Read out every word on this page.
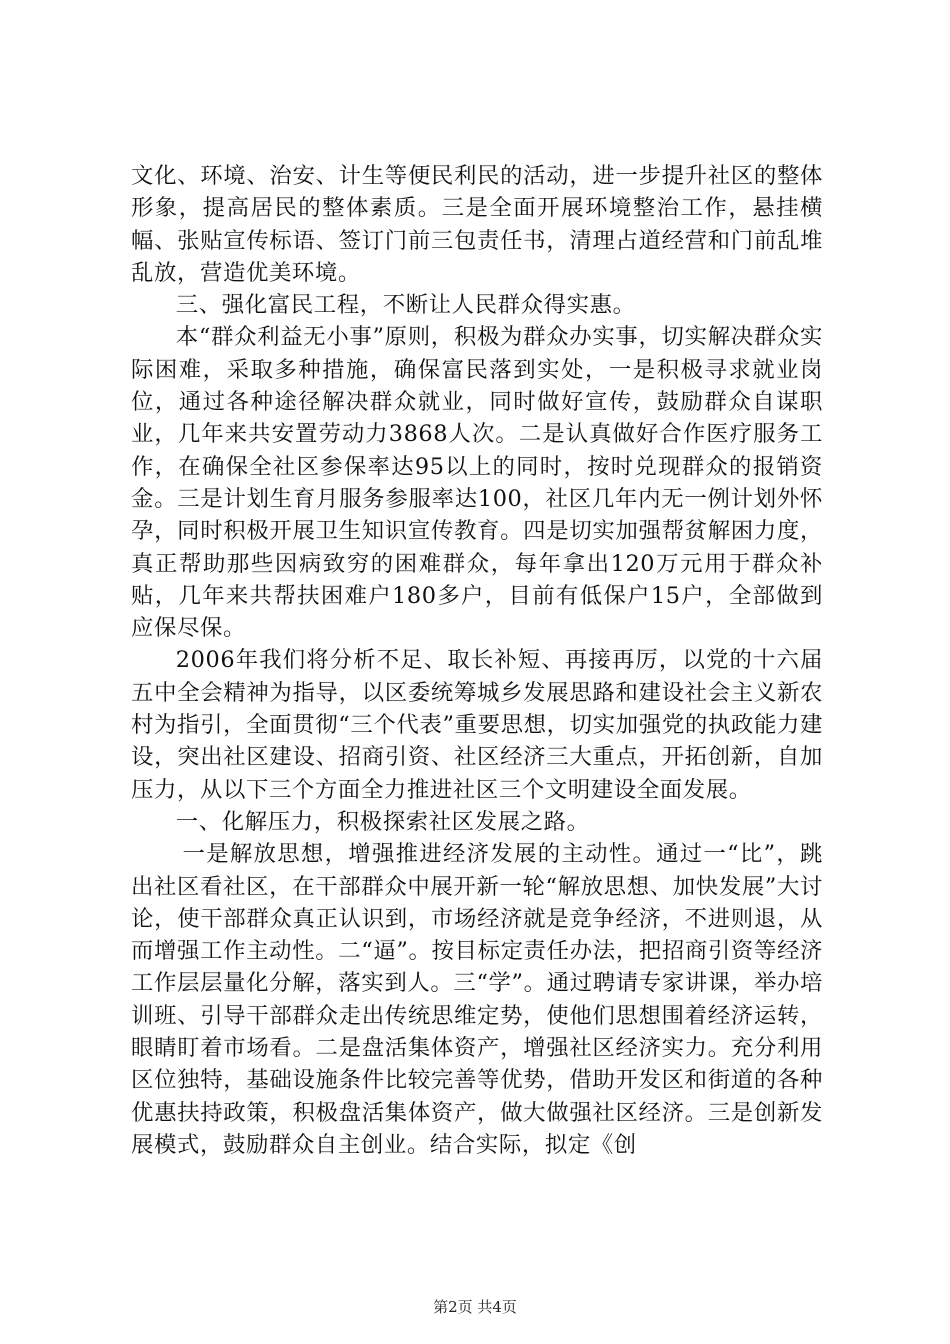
文化、环境、治安、计生等便民利民的活动，进一步提升社区的整体形象，提高居民的整体素质。三是全面开展环境整治工作，悬挂横幅、张贴宣传标语、签订门前三包责任书，清理占道经营和门前乱堆乱放，营造优美环境。

三、强化富民工程，不断让人民群众得实惠。

本“群众利益无小事”原则，积极为群众办实事，切实解决群众实际困难，采取多种措施，确保富民落到实处，一是积极寻求就业岗位，通过各种途径解决群众就业，同时做好宣传，鼓励群众自谋职业，几年来共安置劳动力3868人次。二是认真做好合作医疗服务工作，在确保全社区参保率达95以上的同时，按时兑现群众的报销资金。三是计划生育月服务参服率达100，社区几年内无一例计划外怀孕，同时积极开展卫生知识宣传教育。四是切实加强帮贫解困力度，真正帮助那些因病致穷的困难群众，每年拿出120万元用于群众补贴，几年来共帮扶困难户180多户，目前有低保户15户，全部做到应保尽保。

2006年我们将分析不足、取长补短、再接再厉，以党的十六届五中全会精神为指导，以区委统筹城乡发展思路和建设社会主义新农村为指引，全面贯彻“三个代表”重要思想，切实加强党的执政能力建设，突出社区建设、招商引资、社区经济三大重点，开拓创新，自加压力，从以下三个方面全力推进社区三个文明建设全面发展。

一、化解压力，积极探索社区发展之路。

一是解放思想，增强推进经济发展的主动性。通过一“比”，跳出社区看社区，在干部群众中展开新一轮“解放思想、加快发展”大讨论，使干部群众真正认识到，市场经济就是竞争经济，不进则退，从而增强工作主动性。二“逼”。按目标定责任办法，把招商引资等经济工作层层量化分解，落实到人。三“学”。通过聘请专家讲课，举办培训班、引导干部群众走出传统思维定势，使他们思想围着经济运转，眼睛盯着市场看。二是盘活集体资产，增强社区经济实力。充分利用区位独特，基础设施条件比较完善等优势，借助开发区和街道的各种优惠扶持政策，积极盘活集体资产，做大做强社区经济。三是创新发展模式，鼓励群众自主创业。结合实际，拟定《创

第2页 共4页
